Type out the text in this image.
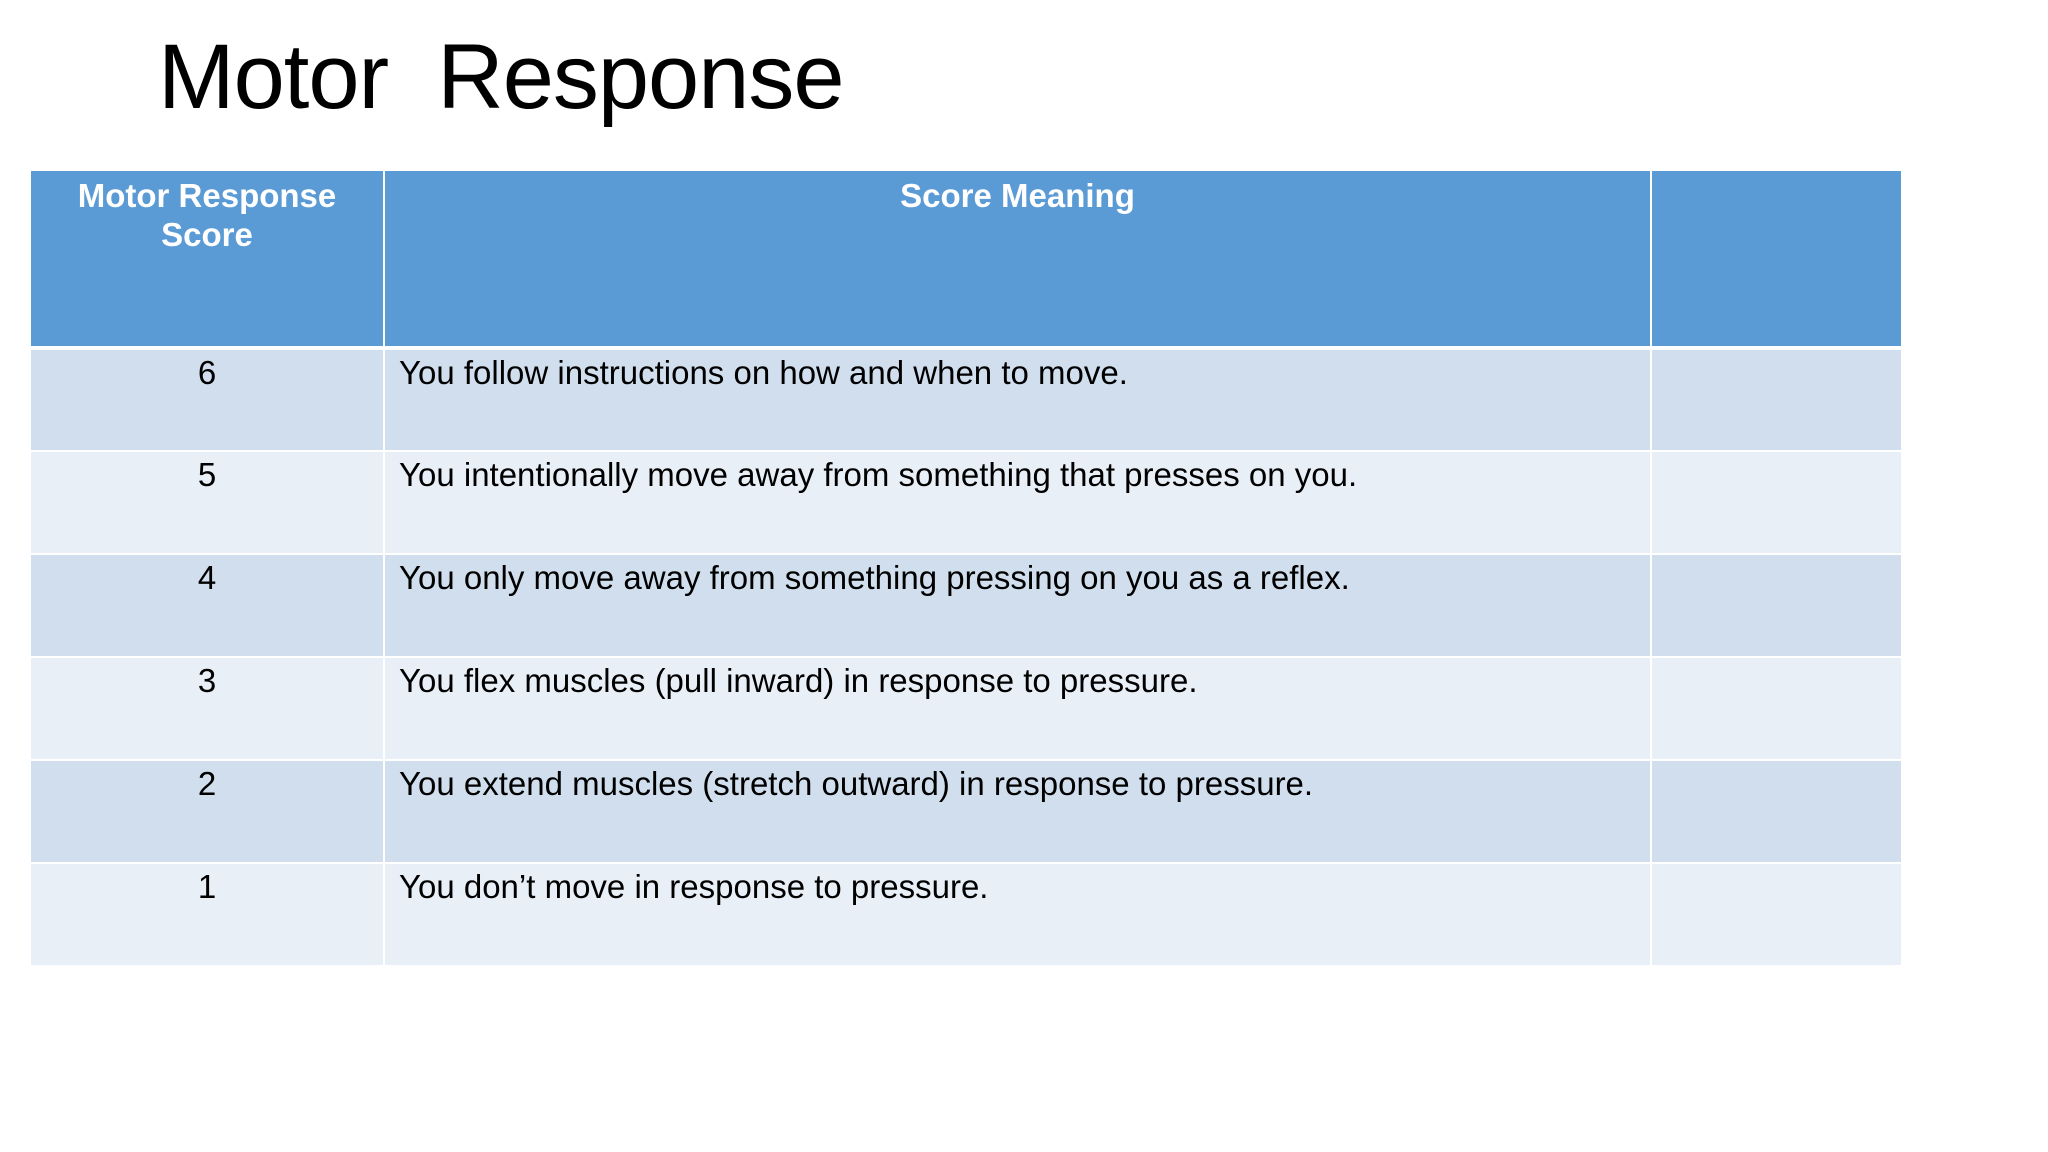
Motor  Response
Motor Response Score	Score Meaning	
6	You follow instructions on how and when to move.	
5	You intentionally move away from something that presses on you.	
4	You only move away from something pressing on you as a reflex.	
3	You flex muscles (pull inward) in response to pressure.	
2	You extend muscles (stretch outward) in response to pressure.	
1	You don’t move in response to pressure.	
